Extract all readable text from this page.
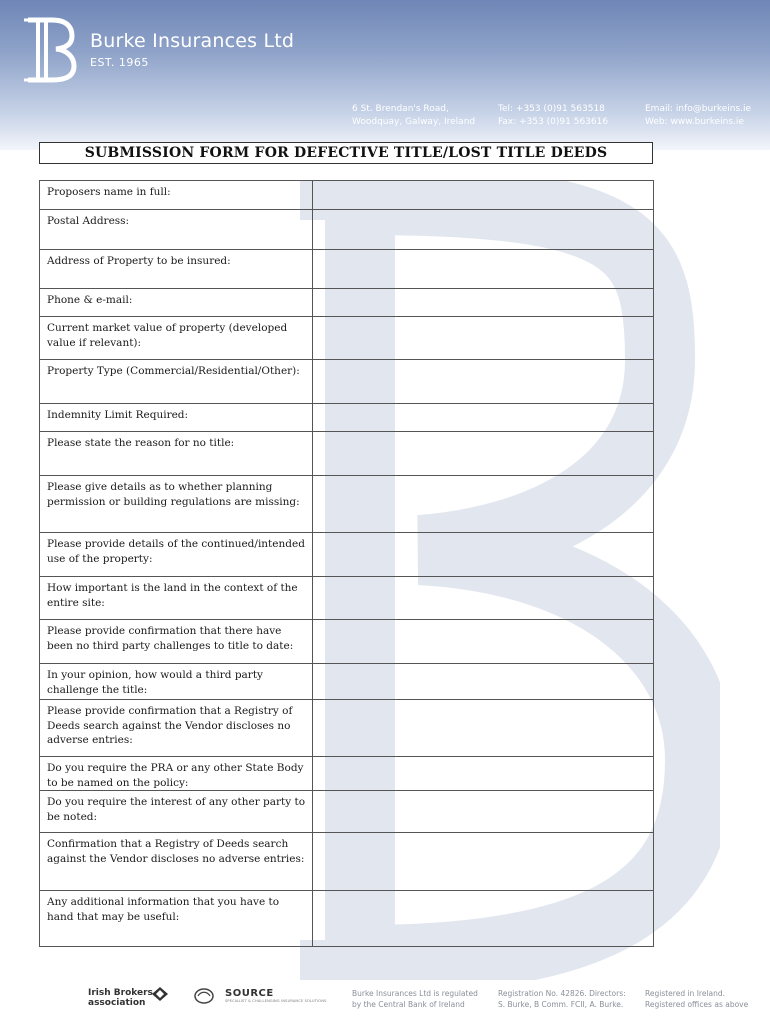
Burke Insurances Ltd
EST. 1965
6 St. Brendan's Road,
Woodquay, Galway, Ireland
Tel: +353 (0)91 563518
Fax: +353 (0)91 563616
Email: info@burkeins.ie
Web: www.burkeins.ie
SUBMISSION FORM FOR DEFECTIVE TITLE/LOST TITLE DEEDS
Proposers name in full:	
Postal Address:	
Address of Property to be insured:	
Phone & e-mail:	
Current market value of property (developed value if relevant):	
Property Type (Commercial/Residential/Other):	
Indemnity Limit Required:	
Please state the reason for no title:	
Please give details as to whether planning permission or building regulations are missing:	
Please provide details of the continued/intended use of the property:	
How important is the land in the context of the entire site:	
Please provide confirmation that there have been no third party challenges to title to date:	
In your opinion, how would a third party challenge the title:	
Please provide confirmation that a Registry of Deeds search against the Vendor discloses no adverse entries:	
Do you require the PRA or any other State Body to be named on the policy:	
Do you require the interest of any other party to be noted:	
Confirmation that a Registry of Deeds search against the Vendor discloses no adverse entries:	
Any additional information that you have to hand that may be useful:	
Irish Brokers
association
SOURCE
SPECIALIST & CHALLENGING INSURANCE SOLUTIONS
Burke Insurances Ltd is regulated
by the Central Bank of Ireland
Registration No. 42826. Directors:
S. Burke, B Comm. FCII, A. Burke.
Registered in Ireland.
Registered offices as above
